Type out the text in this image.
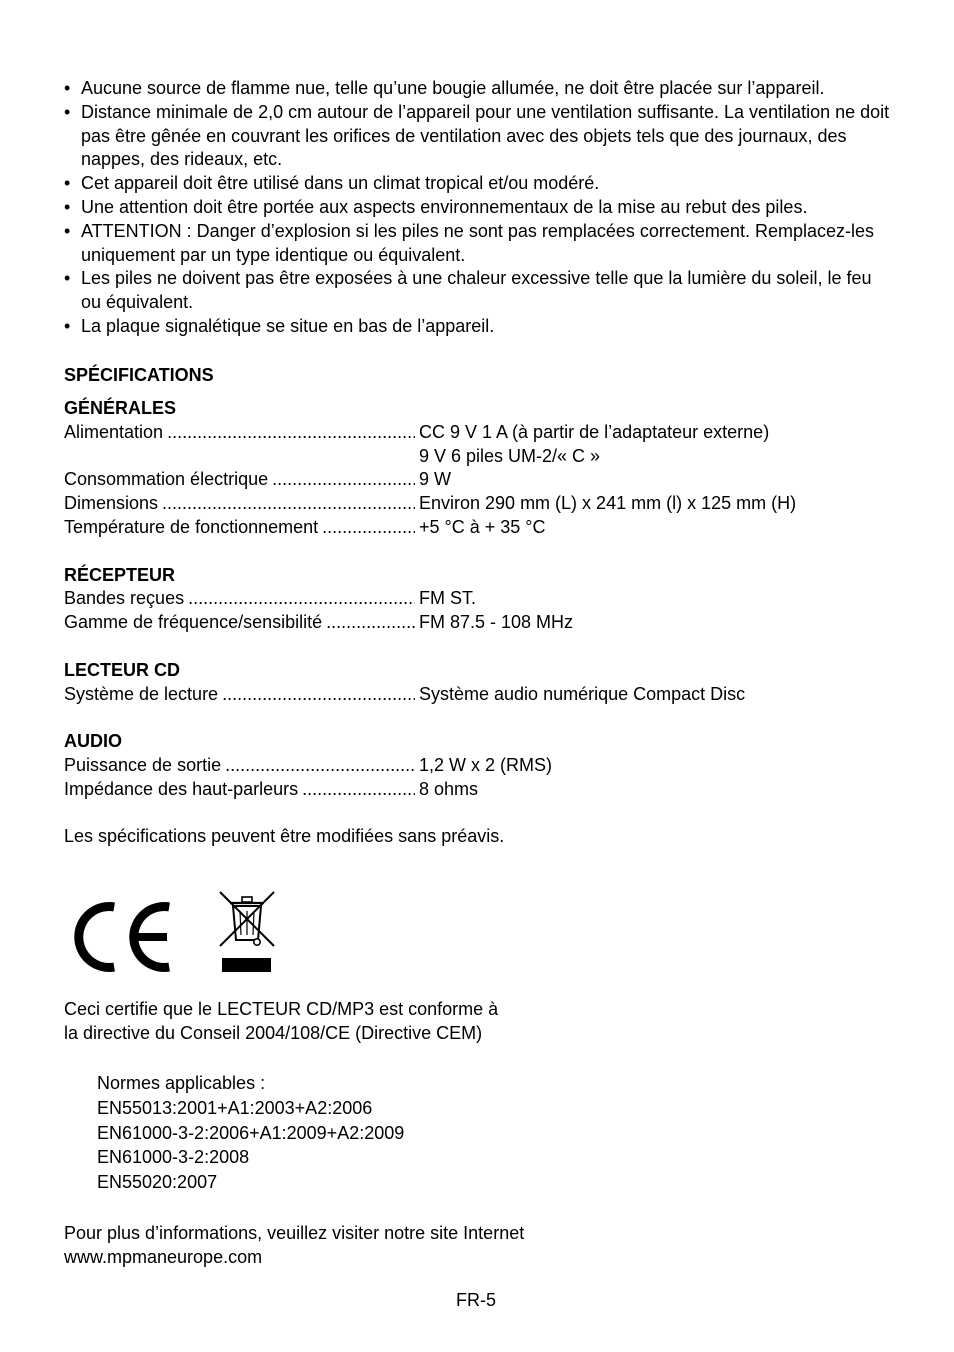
•
Aucune source de flamme nue, telle qu’une bougie allumée, ne doit être placée sur l’appareil.
•
Distance minimale de 2,0 cm autour de l’appareil pour une ventilation suffisante. La ventilation ne doit pas être gênée en couvrant les orifices de ventilation avec des objets tels que des journaux, des nappes, des rideaux, etc.
•
Cet appareil doit être utilisé dans un climat tropical et/ou modéré.
•
Une attention doit être portée aux aspects environnementaux de la mise au rebut des piles.
•
ATTENTION : Danger d’explosion si les piles ne sont pas remplacées correctement. Remplacez-les uniquement par un type identique ou équivalent.
•
Les piles ne doivent pas être exposées à une chaleur excessive telle que la lumière du soleil, le feu ou équivalent.
•
La plaque signalétique se situe en bas de l’appareil.
SPÉCIFICATIONS
GÉNÉRALES
Alimentation .....	CC 9 V 1 A (à partir de l’adaptateur externe)
9 V 6 piles UM-2/« C »
Consommation électrique .....	9 W
Dimensions .....	Environ 290 mm (L) x 241 mm (l) x 125 mm (H)
Température de fonctionnement .....	+5 °C à + 35 °C
RÉCEPTEUR
Bandes reçues .....	FM ST.
Gamme de fréquence/sensibilité .....	FM 87.5 - 108 MHz
LECTEUR CD
Système de lecture .....	Système audio numérique Compact Disc
AUDIO
Puissance de sortie .....	1,2 W x 2 (RMS)
Impédance des haut-parleurs .....	8 ohms
Les spécifications peuvent être modifiées sans préavis.
Ceci certifie que le LECTEUR CD/MP3 est conforme à
la directive du Conseil 2004/108/CE (Directive CEM)
Normes applicables :
EN55013:2001+A1:2003+A2:2006
EN61000-3-2:2006+A1:2009+A2:2009
EN61000-3-2:2008
EN55020:2007
Pour plus d’informations, veuillez visiter notre site Internet
www.mpmaneurope.com
FR-5
